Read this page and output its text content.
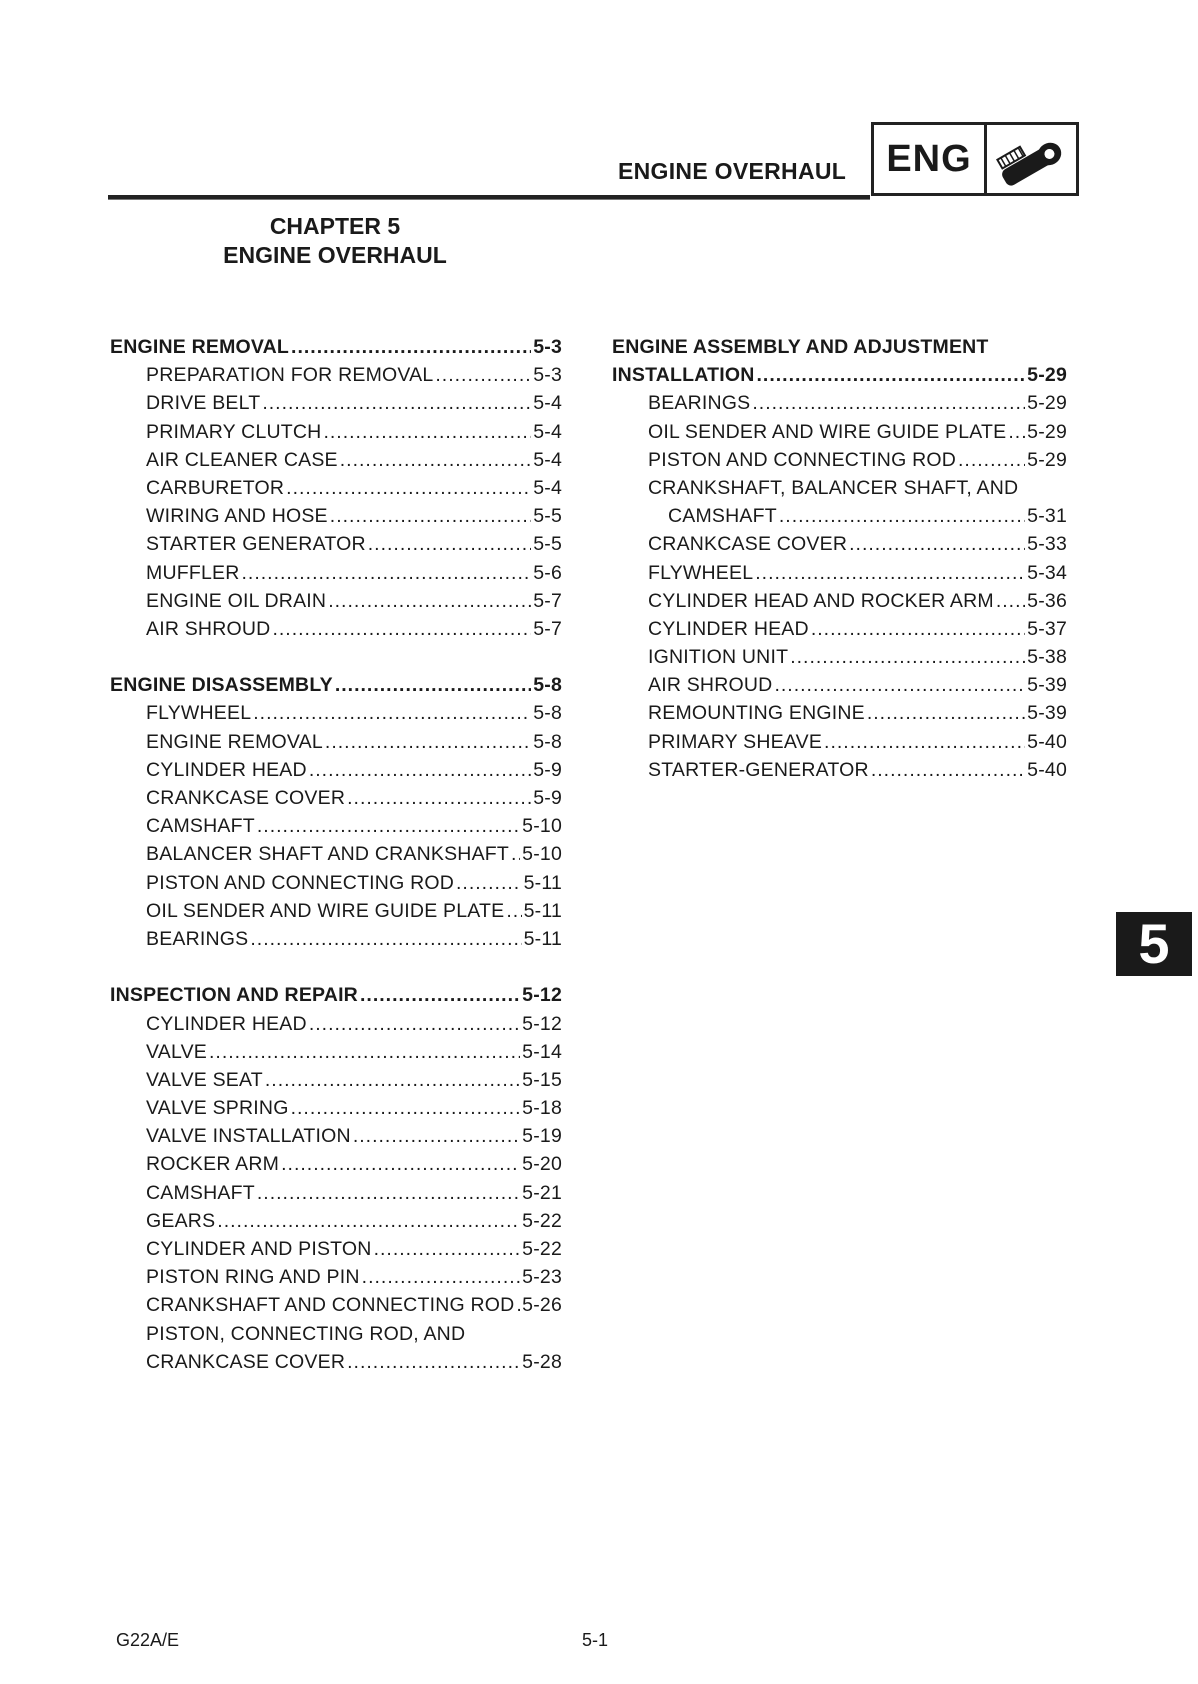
ENGINE OVERHAUL	ENG
CHAPTER 5
ENGINE OVERHAUL
ENGINE REMOVAL .....	5-3
PREPARATION FOR REMOVAL .....	5-3
DRIVE BELT .....	5-4
PRIMARY CLUTCH .....	5-4
AIR CLEANER CASE .....	5-4
CARBURETOR .....	5-4
WIRING AND HOSE .....	5-5
STARTER GENERATOR .....	5-5
MUFFLER .....	5-6
ENGINE OIL DRAIN .....	5-7
AIR SHROUD .....	5-7
ENGINE DISASSEMBLY .....	5-8
FLYWHEEL .....	5-8
ENGINE REMOVAL .....	5-8
CYLINDER HEAD .....	5-9
CRANKCASE COVER .....	5-9
CAMSHAFT .....	5-10
BALANCER SHAFT AND CRANKSHAFT ..... 5-10
PISTON AND CONNECTING ROD .....	5-11
OIL SENDER AND WIRE GUIDE PLATE ..... 5-11
BEARINGS .....	5-11
INSPECTION AND REPAIR .....	5-12
CYLINDER HEAD .....	5-12
VALVE .....	5-14
VALVE SEAT .....	5-15
VALVE SPRING .....	5-18
VALVE INSTALLATION .....	5-19
ROCKER ARM .....	5-20
CAMSHAFT .....	5-21
GEARS .....	5-22
CYLINDER AND PISTON .....	5-22
PISTON RING AND PIN .....	5-23
CRANKSHAFT AND CONNECTING ROD ..... 5-26
PISTON, CONNECTING ROD, AND
CRANKCASE COVER .....	5-28
ENGINE ASSEMBLY AND ADJUSTMENT
INSTALLATION .....	5-29
BEARINGS .....	5-29
OIL SENDER AND WIRE GUIDE PLATE ..... 5-29
PISTON AND CONNECTING ROD .....	5-29
CRANKSHAFT, BALANCER SHAFT, AND
CAMSHAFT .....	5-31
CRANKCASE COVER .....	5-33
FLYWHEEL .....	5-34
CYLINDER HEAD AND ROCKER ARM ..... 5-36
CYLINDER HEAD .....	5-37
IGNITION UNIT .....	5-38
AIR SHROUD .....	5-39
REMOUNTING ENGINE .....	5-39
PRIMARY SHEAVE .....	5-40
STARTER-GENERATOR .....	5-40
5
G22A/E	5-1
